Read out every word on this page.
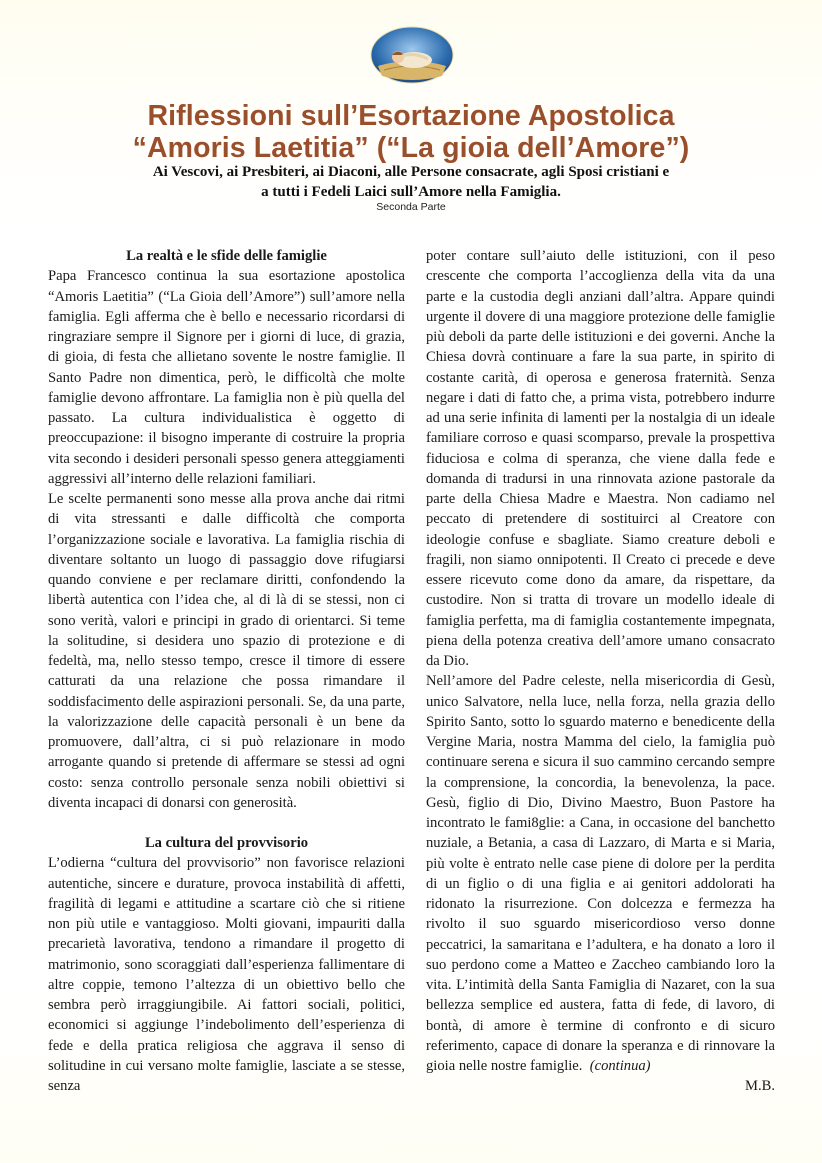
Riflessioni sull’Esortazione Apostolica
“Amoris Laetitia” (“La gioia dell’Amore”)
Ai Vescovi, ai Presbiteri, ai Diaconi, alle Persone consacrate, agli Sposi cristiani e
a tutti i Fedeli Laici sull’Amore nella Famiglia.
Seconda Parte

La realtà e le sfide delle famiglie

Papa Francesco continua la sua esortazione apostolica “Amoris Laetitia” (“La Gioia dell’Amore”) sull’amore nella famiglia. Egli afferma che è bello e necessario ricordarsi di ringraziare sempre il Signore per i giorni di luce, di grazia, di gioia, di festa che allietano sovente le nostre famiglie. Il Santo Padre non dimentica, però, le difficoltà che molte famiglie devono affrontare. La famiglia non è più quella del passato. La cultura individualistica è oggetto di preoccupazione: il bisogno imperante di costruire la propria vita secondo i desideri personali spesso genera atteggiamenti aggressivi all’interno delle relazioni familiari.

Le scelte permanenti sono messe alla prova anche dai ritmi di vita stressanti e dalle difficoltà che comporta l’organizzazione sociale e lavorativa. La famiglia rischia di diventare soltanto un luogo di passaggio dove rifugiarsi quando conviene e per reclamare diritti, confondendo la libertà autentica con l’idea che, al di là di se stessi, non ci sono verità, valori e principi in grado di orientarci. Si teme la solitudine, si desidera uno spazio di protezione e di fedeltà, ma, nello stesso tempo, cresce il timore di essere catturati da una relazione che possa rimandare il soddisfacimento delle aspirazioni personali. Se, da una parte, la valorizzazione delle capacità personali è un bene da promuovere, dall’altra, ci si può relazionare in modo arrogante quando si pretende di affermare se stessi ad ogni costo: senza controllo personale senza nobili obiettivi si diventa incapaci di donarsi con generosità.

La cultura del provvisorio

L’odierna “cultura del provvisorio” non favorisce relazioni autentiche, sincere e durature, provoca instabilità di affetti, fragilità di legami e attitudine a scartare ciò che si ritiene non più utile e vantaggioso. Molti giovani, impauriti dalla precarietà lavorativa, tendono a rimandare il progetto di matrimonio, sono scoraggiati dall’esperienza fallimentare di altre coppie, temono l’altezza di un obiettivo bello che sembra però irraggiungibile. Ai fattori sociali, politici, economici si aggiunge l’indebolimento dell’esperienza di fede e della pratica religiosa che aggrava il senso di solitudine in cui versano molte famiglie, lasciate a se stesse, senza

poter contare sull’aiuto delle istituzioni, con il peso crescente che comporta l’accoglienza della vita da una parte e la custodia degli anziani dall’altra. Appare quindi urgente il dovere di una maggiore protezione delle famiglie più deboli da parte delle istituzioni e dei governi. Anche la Chiesa dovrà continuare a fare la sua parte, in spirito di costante carità, di operosa e generosa fraternità. Senza negare i dati di fatto che, a prima vista, potrebbero indurre ad una serie infinita di lamenti per la nostalgia di un ideale familiare corroso e quasi scomparso, prevale la prospettiva fiduciosa e colma di speranza, che viene dalla fede e domanda di tradursi in una rinnovata azione pastorale da parte della Chiesa Madre e Maestra. Non cadiamo nel peccato di pretendere di sostituirci al Creatore con ideologie confuse e sbagliate. Siamo creature deboli e fragili, non siamo onnipotenti. Il Creato ci precede e deve essere ricevuto come dono da amare, da rispettare, da custodire. Non si tratta di trovare un modello ideale di famiglia perfetta, ma di famiglia costantemente impegnata, piena della potenza creativa dell’amore umano consacrato da Dio.

Nell’amore del Padre celeste, nella misericordia di Gesù, unico Salvatore, nella luce, nella forza, nella grazia dello Spirito Santo, sotto lo sguardo materno e benedicente della Vergine Maria, nostra Mamma del cielo, la famiglia può continuare serena e sicura il suo cammino cercando sempre la comprensione, la concordia, la benevolenza, la pace. Gesù, figlio di Dio, Divino Maestro, Buon Pastore ha incontrato le fami8glie: a Cana, in occasione del banchetto nuziale, a Betania, a casa di Lazzaro, di Marta e si Maria, più volte è entrato nelle case piene di dolore per la perdita di un figlio o di una figlia e ai genitori addolorati ha ridonato la risurrezione. Con dolcezza e fermezza ha rivolto il suo sguardo misericordioso verso donne peccatrici, la samaritana e l’adultera, e ha donato a loro il suo perdono come a Matteo e Zaccheo cambiando loro la vita. L’intimità della Santa Famiglia di Nazaret, con la sua bellezza semplice ed austera, fatta di fede, di lavoro, di bontà, di amore è termine di confronto e di sicuro referimento, capace di donare la speranza e di rinnovare la gioia nelle nostre famiglie. (continua)

M.B.
